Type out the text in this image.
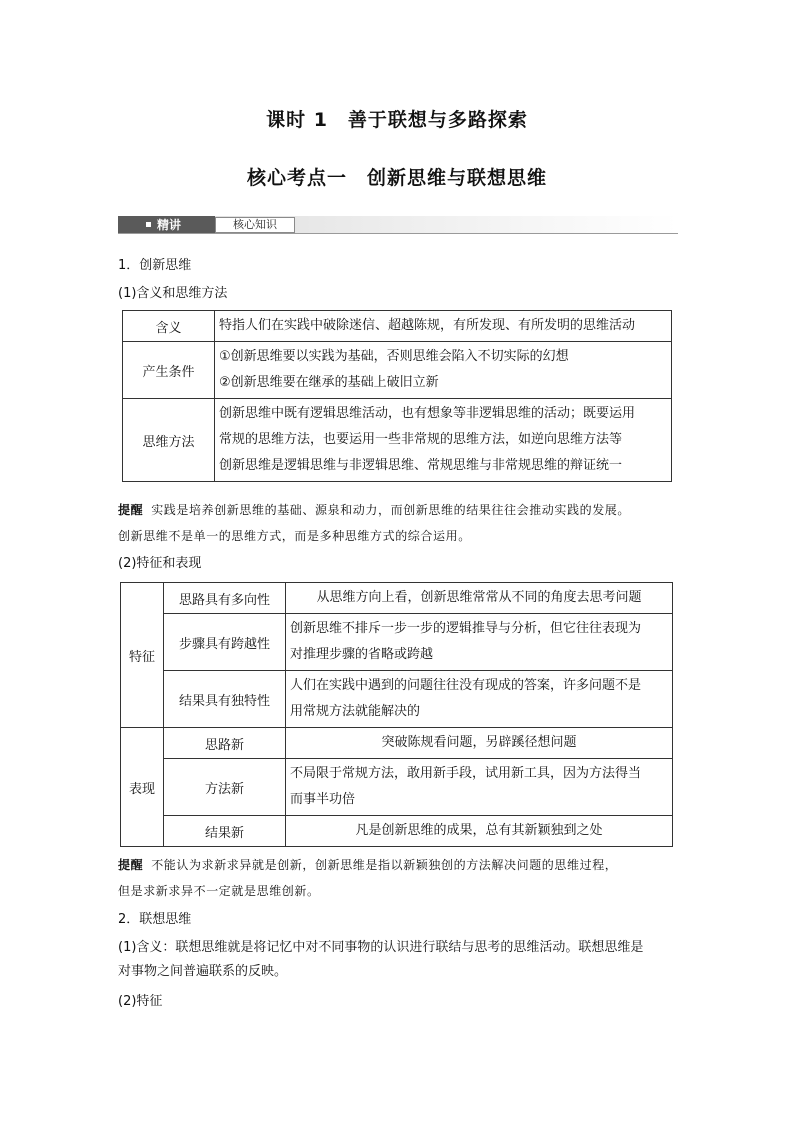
课时 1　善于联想与多路探索
核心考点一　创新思维与联想思维
精讲	核心知识
1．创新思维
(1)含义和思维方法
含义	特指人们在实践中破除迷信、超越陈规，有所发现、有所发明的思维活动

产生条件	①创新思维要以实践为基础，否则思维会陷入不切实际的幻想
②创新思维要在继承的基础上破旧立新

思维方法	创新思维中既有逻辑思维活动，也有想象等非逻辑思维的活动；既要运用
常规的思维方法，也要运用一些非常规的思维方法，如逆向思维方法等
创新思维是逻辑思维与非逻辑思维、常规思维与非常规思维的辩证统一
提醒 实践是培养创新思维的基础、源泉和动力，而创新思维的结果往往会推动实践的发展。
创新思维不是单一的思维方式，而是多种思维方式的综合运用。
(2)特征和表现
特征	思路具有多向性	从思维方向上看，创新思维常常从不同的角度去思考问题

	步骤具有跨越性	创新思维不排斥一步一步的逻辑推导与分析，但它往往表现为
对推理步骤的省略或跨越

	结果具有独特性	人们在实践中遇到的问题往往没有现成的答案，许多问题不是
用常规方法就能解决的

表现	思路新	突破陈规看问题，另辟蹊径想问题

	方法新	不局限于常规方法，敢用新手段，试用新工具，因为方法得当
而事半功倍

	结果新	凡是创新思维的成果，总有其新颖独到之处
提醒 不能认为求新求异就是创新，创新思维是指以新颖独创的方法解决问题的思维过程，
但是求新求异不一定就是思维创新。
2．联想思维
(1)含义：联想思维就是将记忆中对不同事物的认识进行联结与思考的思维活动。联想思维是
对事物之间普遍联系的反映。
(2)特征
